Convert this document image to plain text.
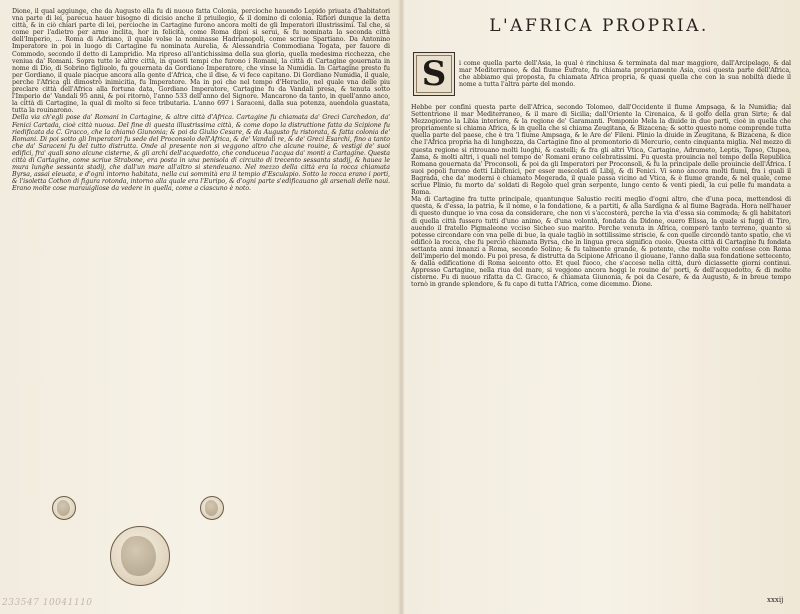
Dione, il qual aggiunge, che da Augusto ella fu di nuouo fatta Colonia, percioche hauendo Lepido priuata d'habitatori vna parte di lei, parecua hauer bisogno di dicisio anche il priuilegio, & il domino di colonia. Rifiorì dunque la detta città, & in ciò chiari parte di lei, percioche in Cartagine furono ancora molti de gli Imperatori illustrissimi. Tal che, si come per l'adietro per arme inclita, hor in felicità, come Roma dipoi si serui, & fu nominata la seconda città dell'Imperio, ... Roma di Adriano, il quale volse la nominasse Hadrianopoli, come scriue Spartiano. Da Antonino Imperatore in poi in luogo di Cartagine fu nominata Aurelia, & Alessandria Commodiana Togata, per fauore di Commodo, secondo il detto di Lampridio. Ma ripreso all'antichissima della sua gloria, quella medesima ricchezza, che veniua da' Romani. Sopra tutte le altre città, in questi tempi che furono i Romani, la città di Cartagine gouernata in nome di Dio, di Sobrino figliuolo, fu gouernata da Gordiano Imperatore, che vinse la Numidia. In Cartagine presto fu per Gordiano, il quale piacque ancora alla gente d'Africa, che il dise, & vi fece capitano. Di Gordiano Numidia, il quale, perche l'Africa gli dimostrò inimicitia, fu Imperatore. Ma in poi che nel tempo d'Heraclio, nel quale vna delle piu preclare città dell'Africa alla fortuna data, Gordiano Imperatore, Cartagine fu da Vandali presa, & tenuta sotto l'Imperio de' Vandali 95 anni, & poi ritornò, l'anno 533 dell'anno del Signore. Mancarono da tanto, in quell'anno anco, la città di Cartagine, la qual di molto si fece tributaria. L'anno 697 i Saraceni, dalla sua potenza, auendola guastata, tutta la rouinarono.

Della via ch'egli pose da' Romani in Cartagine, & altre città d'Africa. Cartagine fu chiamata da' Greci Carchedon, da' Fenici Cartada, cioè città nuoua. Del fine di questa illustrissima città, & come dopo la distruttione fatta da Scipione fu riedificata da C. Gracco, che la chiamò Giunonia; & poi da Giulio Cesare, & da Augusto fu ristorata, & fatta colonia de' Romani. Di poi sotto gli Imperatori fu sede del Proconsolo dell'Africa, & de' Vandali re, & de' Greci Esarchi, fino a tanto che da' Saraceni fu del tutto distrutta. Onde al presente non si veggono altro che alcune rouine, & vestigi de' suoi edifici, fra' quali sono alcune cisterne, & gli archi dell'acquedotto, che conduceua l'acqua da' monti a Cartagine. Questa città di Cartagine, come scriue Strabone, era posta in una penisola di circuito di trecento sessanta stadij, & hauea le mura lunghe sessanta stadij, che dall'un mare all'altro si stendeuano. Nel mezzo della città era la rocca chiamata Byrsa, assai eleuata, e d'ogni intorno habitata, nella cui sommità era il tempio d'Esculapio. Sotto la rocca erano i porti, & l'isoletta Cothon di figura rotonda, intorno alla quale era l'Euripo, & d'ogni parte s'edificauano gli arsenali delle naui. Erano molte cose marauigliose da vedere in quella, come a ciascuno è noto.

233547 10041110
L'AFRICA PROPRIA.
S	i come quella parte dell'Asia, la qual è rinchiusa & terminata dal mar maggiore, dall'Arcipelago, & dal mar Mediterraneo, & dal fiume Eufrate, fu chiamata propriamente Asia, così questa parte dell'Africa, che abbiamo qui proposta, fu chiamata Africa propria, & quasi quella che con la sua nobiltà diede il nome a tutta l'altra parte del mondo.

Hebbe per confini questa parte dell'Africa, secondo Tolomeo, dall'Occidente il fiume Ampsaga, & la Numidia; dal Settentrione il mar Mediterraneo, & il mare di Sicilia; dall'Oriente la Cirenaica, & il golfo della gran Sirte; & dal Mezzogiorno la Libia interiore, & la regione de' Garamanti. Pomponio Mela la diuide in due parti, cioè in quella che propriamente si chiama Africa, & in quella che si chiama Zeugitana, & Bizacena; & sotto questo nome comprende tutta quella parte del paese, che è tra 'l fiume Ampsaga, & le Are de' Fileni. Plinio la diuide in Zeugitana, & Bizacena, & dice che l'Africa propria ha di lunghezza, da Cartagine fino al promontorio di Mercurio, cento cinquanta miglia. Nel mezzo di questa regione si ritrouano molti luoghi, & castelli; & fra gli altri Vtica, Cartagine, Adrumeto, Leptis, Tapso, Clupea, Zama, & molti altri, i quali nel tempo de' Romani erano celebratissimi. Fu questa prouincia nel tempo della Republica Romana gouernata da' Proconsoli, & poi da gli Imperatori per Proconsoli, & fu la principale delle prouincie dell'Africa. I suoi popoli furono detti Libifenici, per esser mescolati di Libij, & di Fenici. Vi sono ancora molti fiumi, fra i quali il Bagrada, che da' moderni è chiamato Megerada, il quale passa vicino ad Vtica, & è fiume grande, & nel quale, come scriue Plinio, fu morto da' soldati di Regolo quel gran serpente, lungo cento & venti piedi, la cui pelle fu mandata a Roma.

Ma di Cartagine fra tutte principale, quantunque Salustio reciti meglio d'ogni altro, che d'una poca, mettendosi di questa, & d'essa, la patria, & il nome, e la fondatione, & a partiti, & alla Sardigna & al fiume Bagrada. Hora nell'hauer di questo dunque io vna cosa da considerare, che non vi s'accosterà, perche la via d'essa sia commoda; & gli habitatori di quella città fussero tutti d'uno animo, & d'una volontà, fondata da Didone, ouero Elissa, la quale si fuggì di Tiro, auendo il fratello Pigmaleone vcciso Sicheo suo marito. Perche venuta in Africa, comperò tanto terreno, quanto si potesse circondare con vna pelle di bue, la quale tagliò in sottilissime striscie, & con quelle circondò tanto spatio, che vi edificò la rocca, che fu perciò chiamata Byrsa, che in lingua greca significa cuoio. Questa città di Cartagine fu fondata settanta anni innanzi a Roma, secondo Solino; & fu talmente grande, & potente, che molte volte contese con Roma dell'imperio del mondo. Fu poi presa, & distrutta da Scipione Africano il giouane, l'anno dalla sua fondatione settecento, & dalla edificatione di Roma seicento otto. Et quel fuoco, che s'accese nella città, durò diciassette giorni continui. Appresso Cartagine, nella riua del mare, si veggono ancora hoggi le rouine de' porti, & dell'acquedotto, & di molte cisterne. Fu di nuouo rifatta da C. Gracco, & chiamata Giunonia, & poi da Cesare, & da Augusto, & in breue tempo tornò in grande splendore, & fu capo di tutta l'Africa, come dicemmo. Dione.

xxxij
